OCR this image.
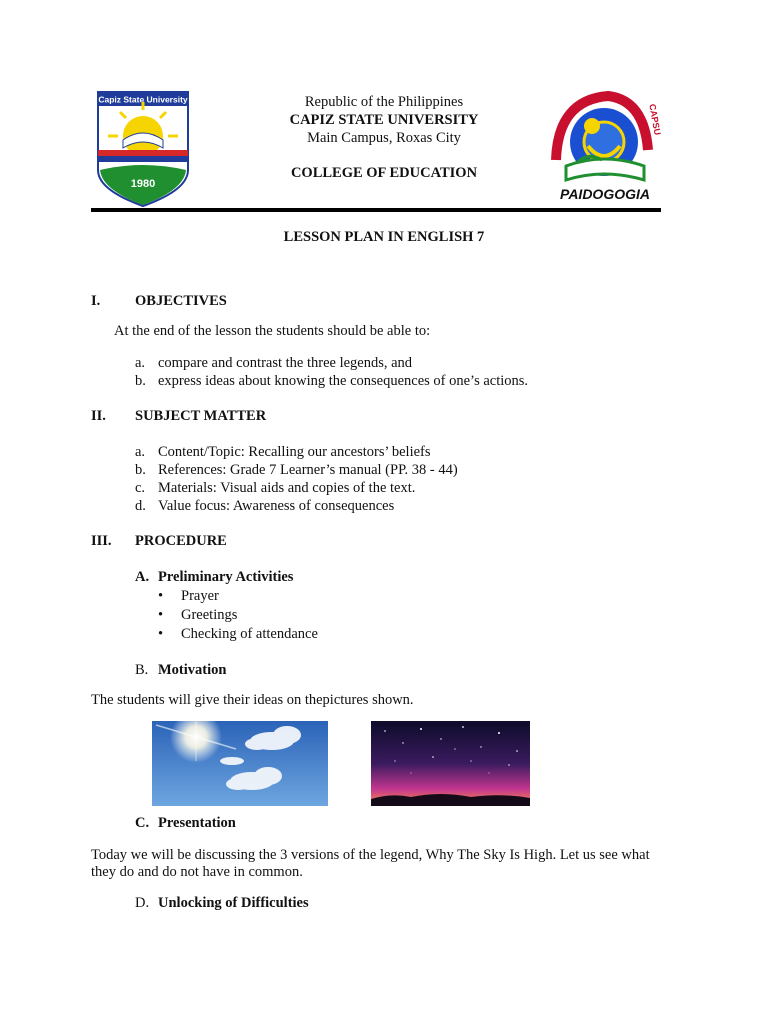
Capiz State University
1980
Republic of the Philippines
CAPIZ STATE UNIVERSITY
Main Campus, Roxas City
COLLEGE OF EDUCATION
PAIDOGOGIA
CAPSU
LESSON PLAN IN ENGLISH 7
I. OBJECTIVES
At the end of the lesson the students should be able to:
a. compare and contrast the three legends, and
b. express ideas about knowing the consequences of one’s actions.
II. SUBJECT MATTER
a. Content/Topic: Recalling our ancestors’ beliefs
b. References: Grade 7 Learner’s manual (PP. 38 - 44)
c. Materials: Visual aids and copies of the text.
d. Value focus: Awareness of consequences
III. PROCEDURE
A. Preliminary Activities
• Prayer
• Greetings
• Checking of attendance
B. Motivation
The students will give their ideas on thepictures shown.
C. Presentation
Today we will be discussing the 3 versions of the legend, Why The Sky Is High. Let us see what
they do and do not have in common.
D. Unlocking of Difficulties
